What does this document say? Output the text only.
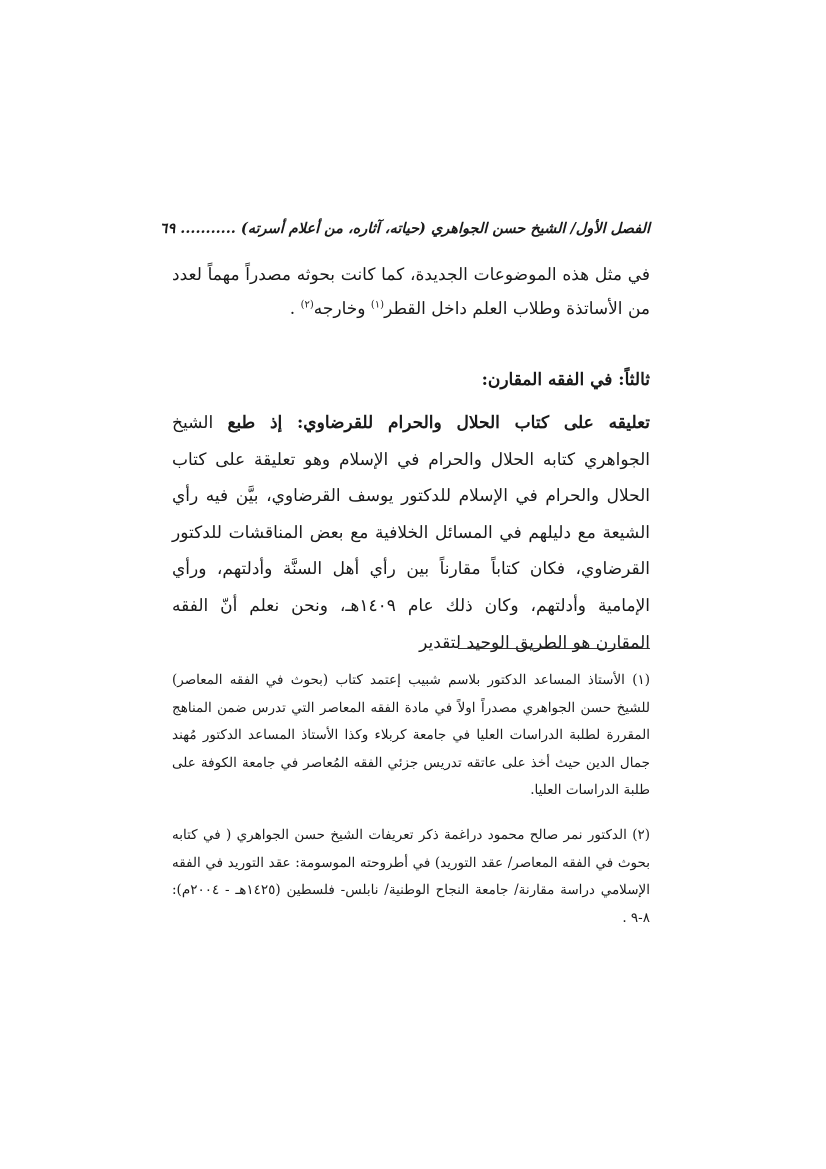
الفصل الأول/ الشيخ حسن الجواهري (حياته، آثاره، من أعلام أسرته) ........... ٦٩
في مثل هذه الموضوعات الجديدة، كما كانت بحوثه مصدراً مهماً لعدد من الأساتذة وطلاب العلم داخل القطر$^{(١)}$ وخارجه$^{(٢)}$ .
ثالثاً: في الفقه المقارن:
تعليقه على كتاب الحلال والحرام للقرضاوي: إذ طبع الشيخ الجواهري كتابه الحلال والحرام في الإسلام وهو تعليقة على كتاب الحلال والحرام في الإسلام للدكتور يوسف القرضاوي، بيَّن فيه رأي الشيعة مع دليلهم في المسائل الخلافية مع بعض المناقشات للدكتور القرضاوي، فكان كتاباً مقارناً بين رأي أهل السنَّة وأدلتهم، ورأي الإمامية وأدلتهم، وكان ذلك عام ١٤٠٩هـ، ونحن نعلم أنّ الفقه المقارن هو الطريق الوحيد لتقدير
(١) الأستاذ المساعد الدكتور بلاسم شبيب إعتمد كتاب (بحوث في الفقه المعاصر) للشيخ حسن الجواهري مصدراً اولاً في مادة الفقه المعاصر التي تدرس ضمن المناهج المقررة لطلبة الدراسات العليا في جامعة كربلاء وكذا الأستاذ المساعد الدكتور مُهند جمال الدين حيث أخذ على عاتقه تدريس جزئي الفقه المُعاصر في جامعة الكوفة على طلبة الدراسات العليا.
(٢) الدكتور نمر صالح محمود دراغمة ذكر تعريفات الشيخ حسن الجواهري ( في كتابه بحوث في الفقه المعاصر/ عقد التوريد) في أطروحته الموسومة: عقد التوريد في الفقه الإسلامي دراسة مقارنة/ جامعة النجاح الوطنية/ نابلس- فلسطين (١٤٢٥هـ - ٢٠٠٤م): ٨-٩ .
